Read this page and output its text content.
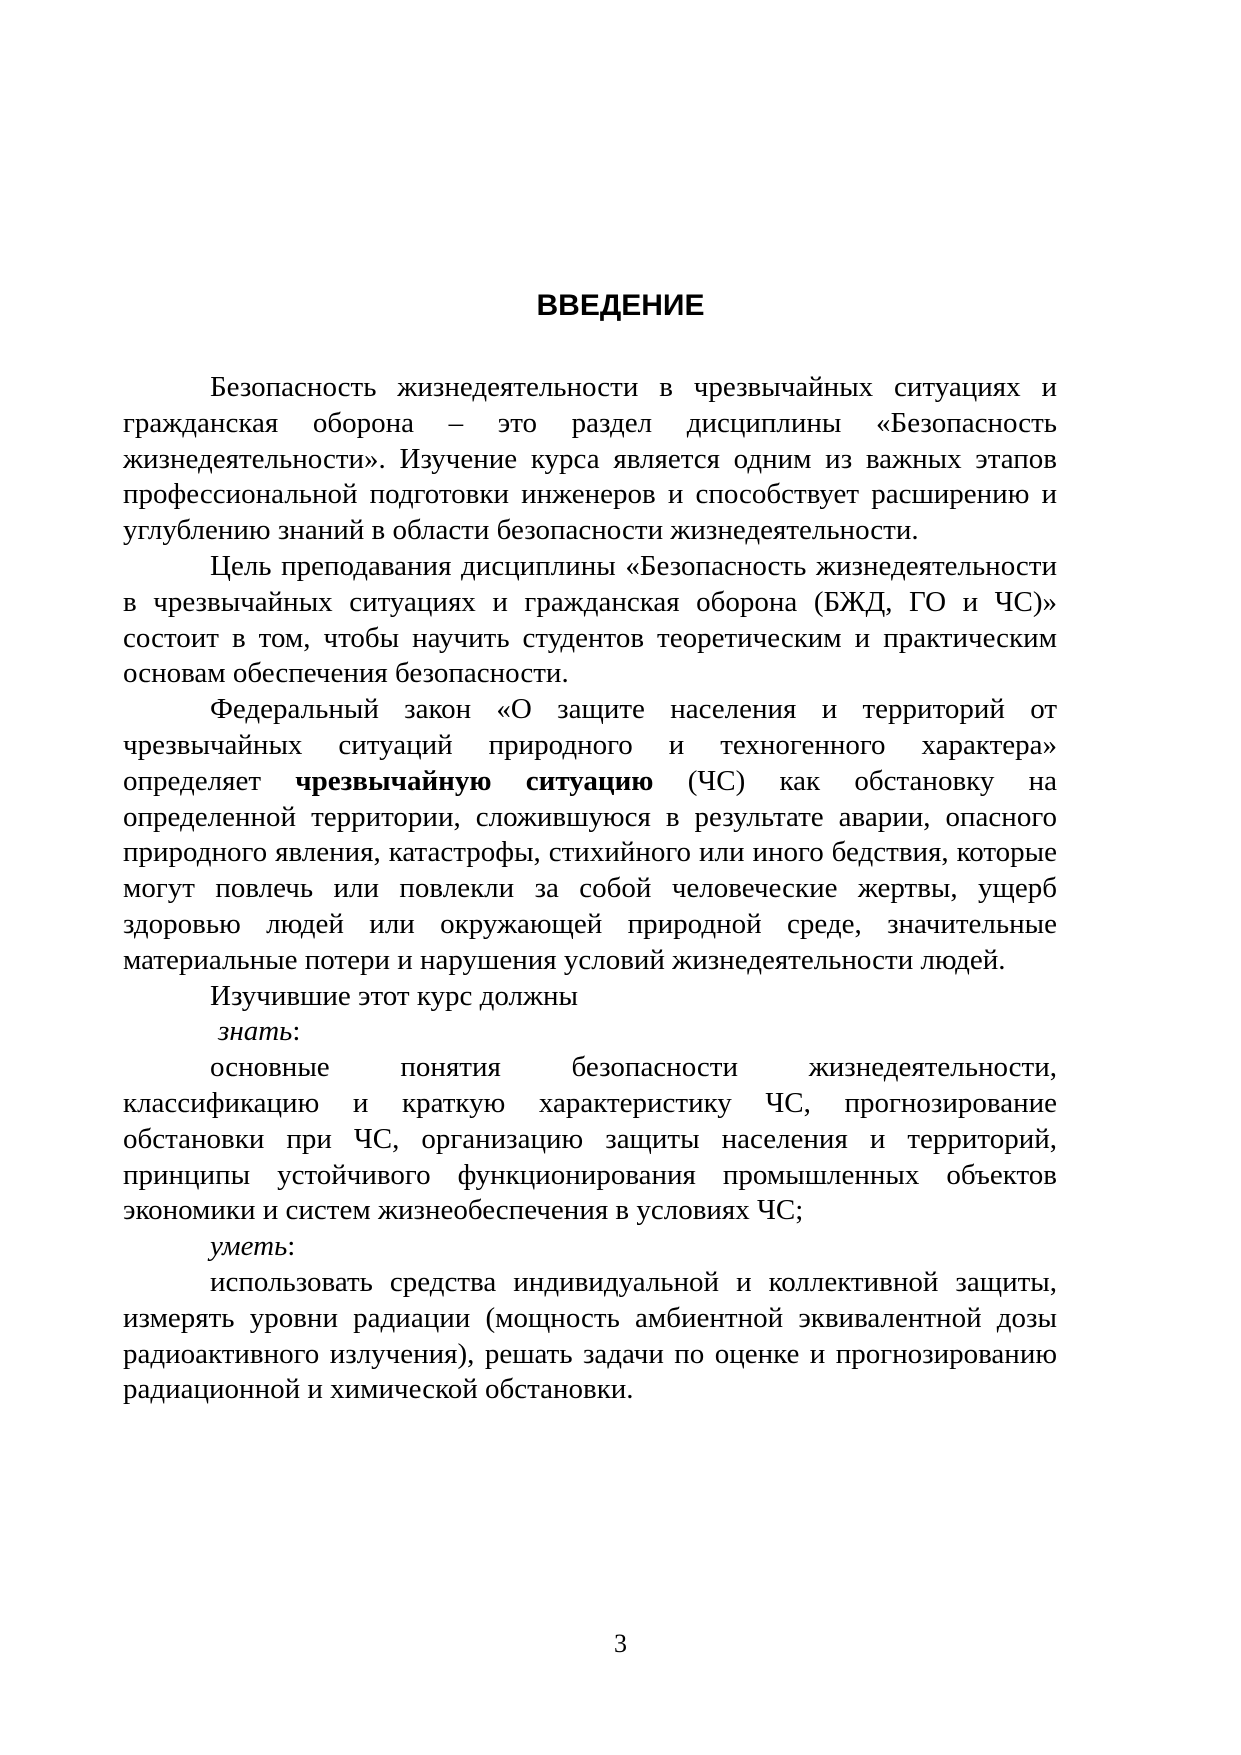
ВВЕДЕНИЕ

Безопасность жизнедеятельности в чрезвычайных ситуациях и гражданская оборона – это раздел дисциплины «Безопасность жизнедеятельности». Изучение курса является одним из важных этапов профессиональной подготовки инженеров и способствует расширению и углублению знаний в области безопасности жизнедеятельности.

Цель преподавания дисциплины «Безопасность жизнедеятельности в чрезвычайных ситуациях и гражданская оборона (БЖД, ГО и ЧС)» состоит в том, чтобы научить студентов теоретическим и практическим основам обеспечения безопасности.

Федеральный закон «О защите населения и территорий от чрезвычайных ситуаций природного и техногенного характера» определяет чрезвычайную ситуацию (ЧС) как обстановку на определенной территории, сложившуюся в результате аварии, опасного природного явления, катастрофы, стихийного или иного бедствия, которые могут повлечь или повлекли за собой человеческие жертвы, ущерб здоровью людей или окружающей природной среде, значительные материальные потери и нарушения условий жизнедеятельности людей.

Изучившие этот курс должны

знать:

основные понятия безопасности жизнедеятельности, классификацию и краткую характеристику ЧС, прогнозирование обстановки при ЧС, организацию защиты населения и территорий, принципы устойчивого функционирования промышленных объектов экономики и систем жизнеобеспечения в условиях ЧС;

уметь:

использовать средства индивидуальной и коллективной защиты, измерять уровни радиации (мощность амбиентной эквивалентной дозы радиоактивного излучения), решать задачи по оценке и прогнозированию радиационной и химической обстановки.

3
